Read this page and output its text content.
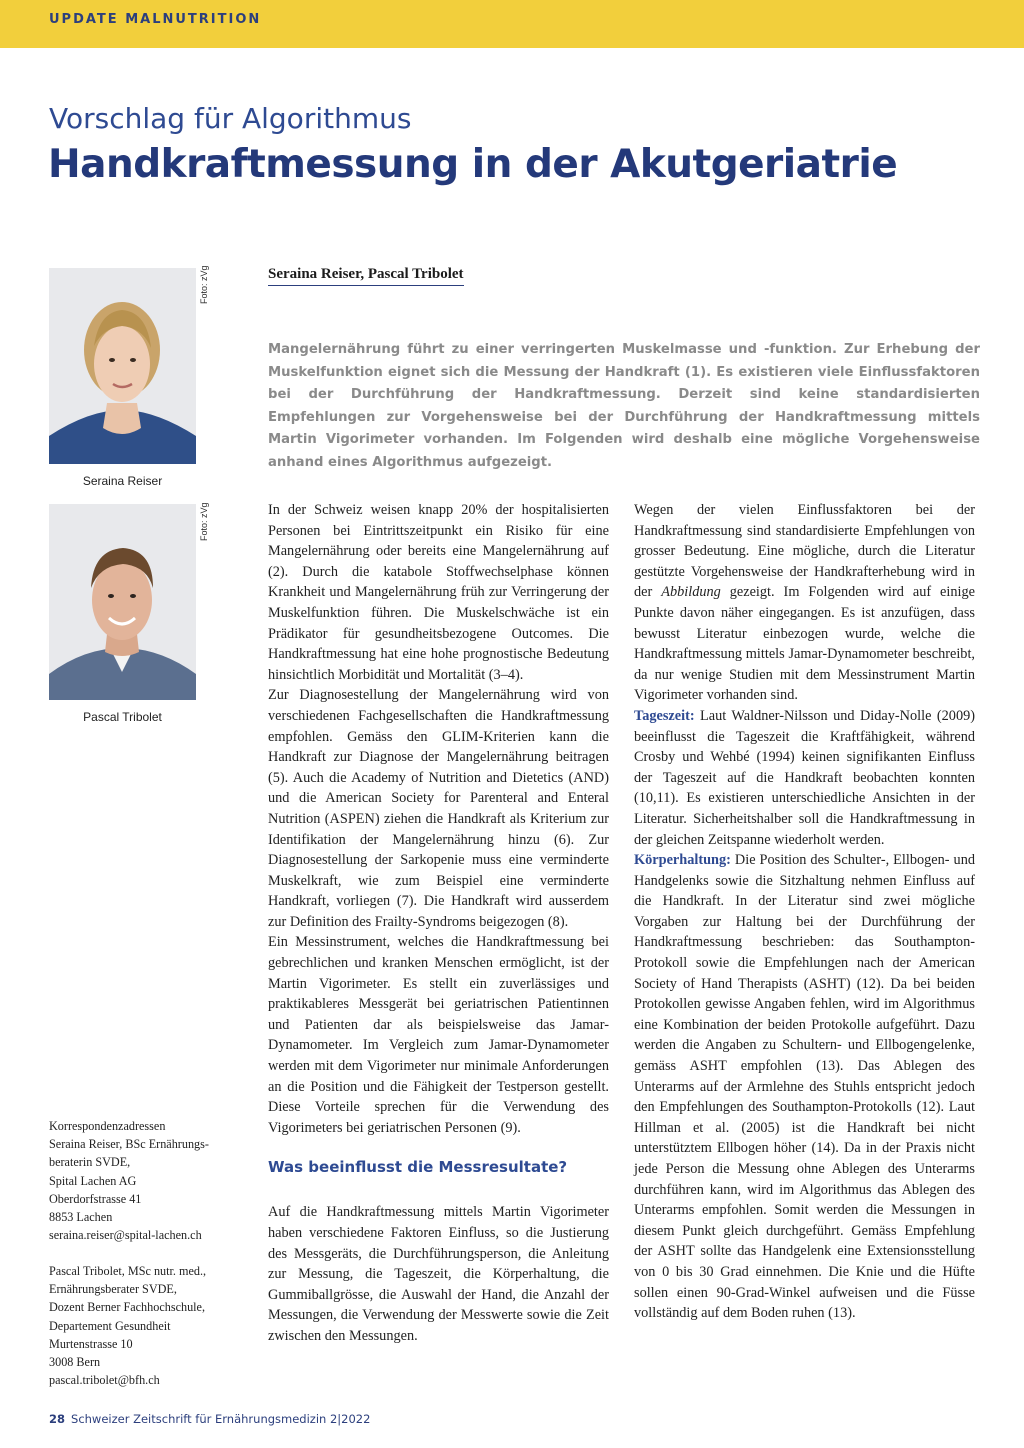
UPDATE MALNUTRITION
Vorschlag für Algorithmus
Handkraftmessung in der Akutgeriatrie
Foto: zVg
Seraina Reiser
Foto: zVg
Pascal Tribolet
Seraina Reiser, Pascal Tribolet
Mangelernährung führt zu einer verringerten Muskelmasse und -funktion. Zur Erhebung der Muskelfunktion eignet sich die Messung der Handkraft (1). Es existieren viele Einflussfaktoren bei der Durchführung der Handkraftmessung. Derzeit sind keine standardisierten Empfehlungen zur Vorgehensweise bei der Durchführung der Handkraftmessung mittels Martin Vigorimeter vorhanden. Im Folgenden wird deshalb eine mögliche Vorgehensweise anhand eines Algorithmus aufgezeigt.

In der Schweiz weisen knapp 20% der hospitalisierten Personen bei Eintrittszeitpunkt ein Risiko für eine Mangelernährung oder bereits eine Mangelernährung auf (2). Durch die katabole Stoffwechselphase können Krankheit und Mangelernährung früh zur Verringerung der Muskelfunktion führen. Die Muskelschwäche ist ein Prädikator für gesundheitsbezogene Outcomes. Die Handkraftmessung hat eine hohe prognostische Bedeutung hinsichtlich Morbidität und Mortalität (3–4).

Zur Diagnosestellung der Mangelernährung wird von verschiedenen Fachgesellschaften die Handkraftmessung empfohlen. Gemäss den GLIM-Kriterien kann die Handkraft zur Diagnose der Mangelernährung beitragen (5). Auch die Academy of Nutrition and Dietetics (AND) und die American Society for Parenteral and Enteral Nutrition (ASPEN) ziehen die Handkraft als Kriterium zur Identifikation der Mangelernährung hinzu (6). Zur Diagnosestellung der Sarkopenie muss eine verminderte Muskelkraft, wie zum Beispiel eine verminderte Handkraft, vorliegen (7). Die Handkraft wird ausserdem zur Definition des Frailty-Syndroms beigezogen (8).

Ein Messinstrument, welches die Handkraftmessung bei gebrechlichen und kranken Menschen ermöglicht, ist der Martin Vigorimeter. Es stellt ein zuverlässiges und praktikableres Messgerät bei geriatrischen Patientinnen und Patienten dar als beispielsweise das Jamar-Dynamometer. Im Vergleich zum Jamar-Dynamometer werden mit dem Vigorimeter nur minimale Anforderungen an die Position und die Fähigkeit der Testperson gestellt. Diese Vorteile sprechen für die Verwendung des Vigorimeters bei geriatrischen Personen (9).

Was beeinflusst die Messresultate?

Auf die Handkraftmessung mittels Martin Vigorimeter haben verschiedene Faktoren Einfluss, so die Justierung des Messgeräts, die Durchführungsperson, die Anleitung zur Messung, die Tageszeit, die Körperhaltung, die Gummiballgrösse, die Auswahl der Hand, die Anzahl der Messungen, die Verwendung der Messwerte sowie die Zeit zwischen den Messungen.

Wegen der vielen Einflussfaktoren bei der Handkraftmessung sind standardisierte Empfehlungen von grosser Bedeutung. Eine mögliche, durch die Literatur gestützte Vorgehensweise der Handkrafterhebung wird in der Abbildung gezeigt. Im Folgenden wird auf einige Punkte davon näher eingegangen. Es ist anzufügen, dass bewusst Literatur einbezogen wurde, welche die Handkraftmessung mittels Jamar-Dynamometer beschreibt, da nur wenige Studien mit dem Messinstrument Martin Vigorimeter vorhanden sind.

Tageszeit: Laut Waldner-Nilsson und Diday-Nolle (2009) beeinflusst die Tageszeit die Kraftfähigkeit, während Crosby und Wehbé (1994) keinen signifikanten Einfluss der Tageszeit auf die Handkraft beobachten konnten (10,11). Es existieren unterschiedliche Ansichten in der Literatur. Sicherheitshalber soll die Handkraftmessung in der gleichen Zeitspanne wiederholt werden.

Körperhaltung: Die Position des Schulter-, Ellbogen- und Handgelenks sowie die Sitzhaltung nehmen Einfluss auf die Handkraft. In der Literatur sind zwei mögliche Vorgaben zur Haltung bei der Durchführung der Handkraftmessung beschrieben: das Southampton-Protokoll sowie die Empfehlungen nach der American Society of Hand Therapists (ASHT) (12). Da bei beiden Protokollen gewisse Angaben fehlen, wird im Algorithmus eine Kombination der beiden Protokolle aufgeführt. Dazu werden die Angaben zu Schultern- und Ellbogengelenke, gemäss ASHT empfohlen (13). Das Ablegen des Unterarms auf der Armlehne des Stuhls entspricht jedoch den Empfehlungen des Southampton-Protokolls (12). Laut Hillman et al. (2005) ist die Handkraft bei nicht unterstütztem Ellbogen höher (14). Da in der Praxis nicht jede Person die Messung ohne Ablegen des Unterarms durchführen kann, wird im Algorithmus das Ablegen des Unterarms empfohlen. Somit werden die Messungen in diesem Punkt gleich durchgeführt. Gemäss Empfehlung der ASHT sollte das Handgelenk eine Extensionsstellung von 0 bis 30 Grad einnehmen. Die Knie und die Hüfte sollen einen 90-Grad-Winkel aufweisen und die Füsse vollständig auf dem Boden ruhen (13).

Korrespondenzadressen
Seraina Reiser, BSc Ernährungs-
beraterin SVDE,
Spital Lachen AG
Oberdorfstrasse 41
8853 Lachen
seraina.reiser@spital-lachen.ch
Pascal Tribolet, MSc nutr. med.,
Ernährungsberater SVDE,
Dozent Berner Fachhochschule,
Departement Gesundheit
Murtenstrasse 10
3008 Bern
pascal.tribolet@bfh.ch
28 Schweizer Zeitschrift für Ernährungsmedizin 2|2022
